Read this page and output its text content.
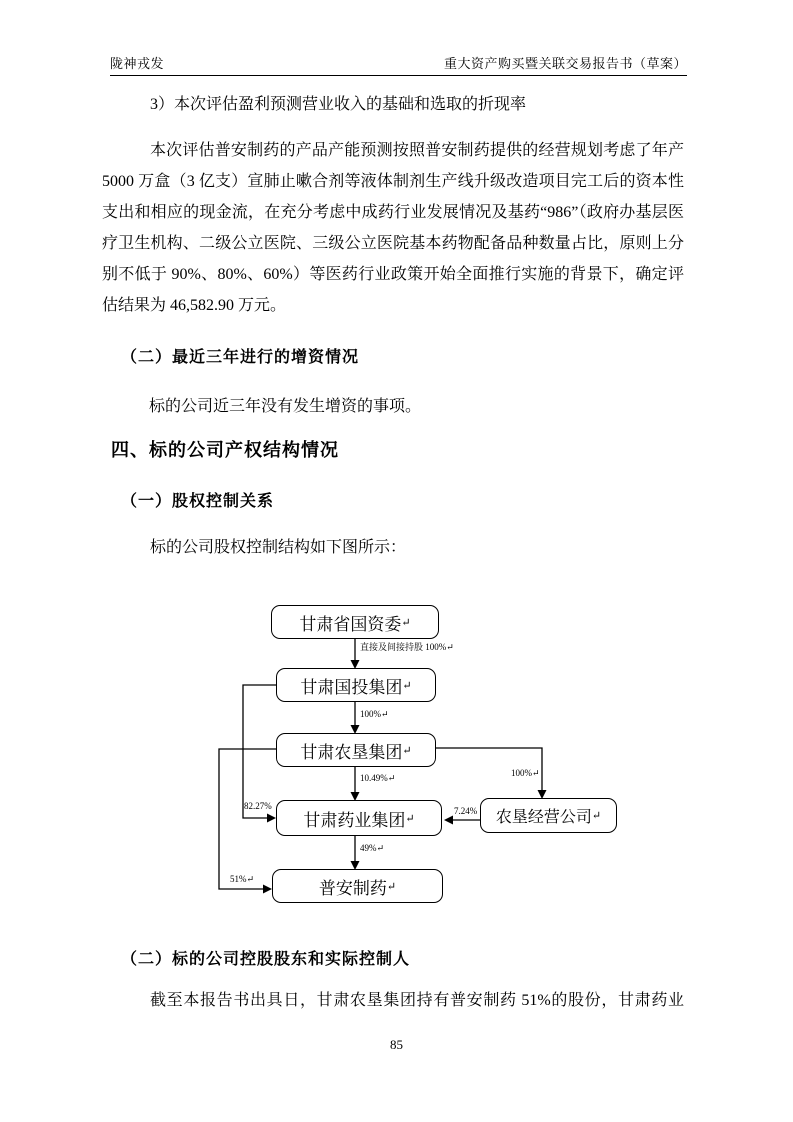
陇神戎发	重大资产购买暨关联交易报告书（草案）
3）本次评估盈利预测营业收入的基础和选取的折现率
本次评估普安制药的产品产能预测按照普安制药提供的经营规划考虑了年产 5000 万盒（3 亿支）宣肺止嗽合剂等液体制剂生产线升级改造项目完工后的资本性支出和相应的现金流，在充分考虑中成药行业发展情况及基药“986”（政府办基层医疗卫生机构、二级公立医院、三级公立医院基本药物配备品种数量占比，原则上分别不低于 90%、80%、60%）等医药行业政策开始全面推行实施的背景下，确定评估结果为 46,582.90 万元。
（二）最近三年进行的增资情况
标的公司近三年没有发生增资的事项。
四、标的公司产权结构情况
（一）股权控制关系
标的公司股权控制结构如下图所示：
直接及间接持股 100%↵
100%↵
10.49%↵
49%↵
100%↵
7.24%
82.27%
51%↵
甘肃省国资委 ↵
甘肃国投集团 ↵
甘肃农垦集团 ↵
甘肃药业集团 ↵
普安制药 ↵
农垦经营公司 ↵
（二）标的公司控股股东和实际控制人
截至本报告书出具日，甘肃农垦集团持有普安制药 51%的股份，甘肃药业
85
